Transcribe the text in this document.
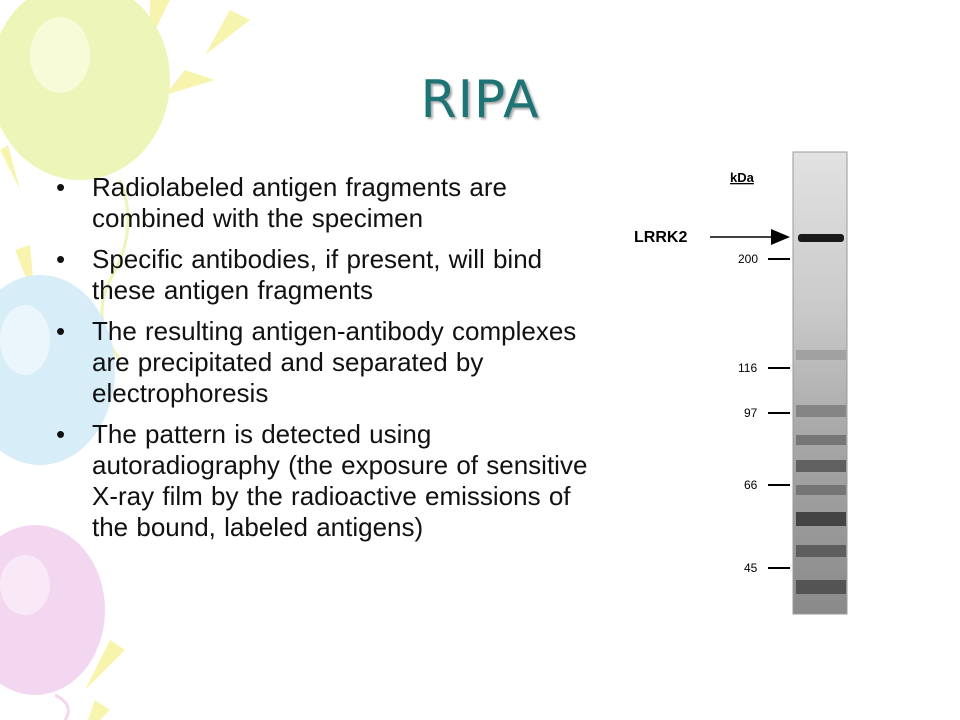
RIPA
• Radiolabeled antigen fragments are combined with the specimen
• Specific antibodies, if present, will bind these antigen fragments
• The resulting antigen-antibody complexes are precipitated and separated by electrophoresis
• The pattern is detected using autoradiography (the exposure of sensitive X-ray film by the radioactive emissions of the bound, labeled antigens)
kDa
LRRK2
200
116
97
66
45
